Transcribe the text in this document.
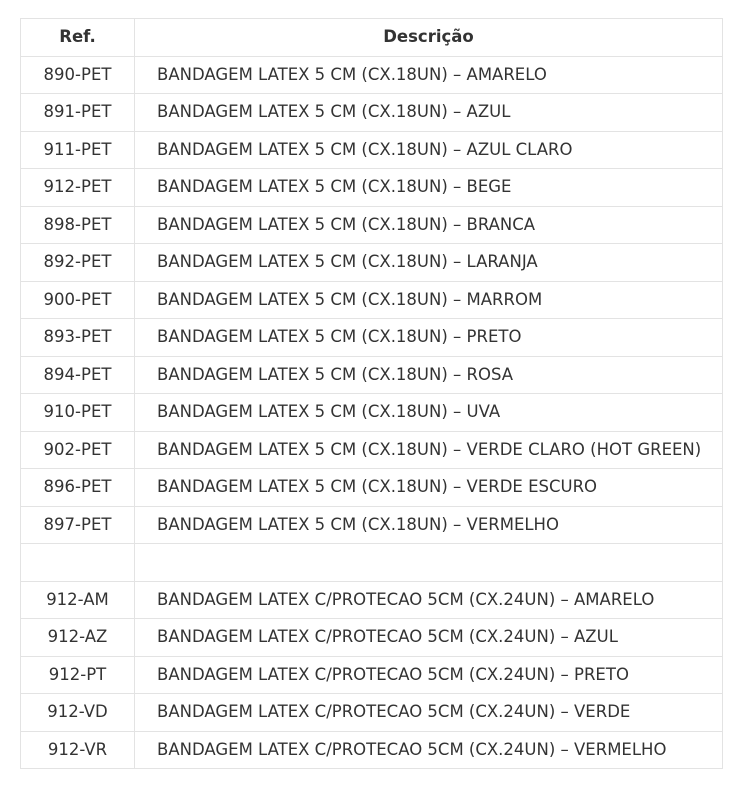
Ref.	Descrição
890-PET	BANDAGEM LATEX 5 CM (CX.18UN) – AMARELO
891-PET	BANDAGEM LATEX 5 CM (CX.18UN) – AZUL
911-PET	BANDAGEM LATEX 5 CM (CX.18UN) – AZUL CLARO
912-PET	BANDAGEM LATEX 5 CM (CX.18UN) – BEGE
898-PET	BANDAGEM LATEX 5 CM (CX.18UN) – BRANCA
892-PET	BANDAGEM LATEX 5 CM (CX.18UN) – LARANJA
900-PET	BANDAGEM LATEX 5 CM (CX.18UN) – MARROM
893-PET	BANDAGEM LATEX 5 CM (CX.18UN) – PRETO
894-PET	BANDAGEM LATEX 5 CM (CX.18UN) – ROSA
910-PET	BANDAGEM LATEX 5 CM (CX.18UN) – UVA
902-PET	BANDAGEM LATEX 5 CM (CX.18UN) – VERDE CLARO (HOT GREEN)
896-PET	BANDAGEM LATEX 5 CM (CX.18UN) – VERDE ESCURO
897-PET	BANDAGEM LATEX 5 CM (CX.18UN) – VERMELHO

912-AM	BANDAGEM LATEX C/PROTECAO 5CM (CX.24UN) – AMARELO
912-AZ	BANDAGEM LATEX C/PROTECAO 5CM (CX.24UN) – AZUL
912-PT	BANDAGEM LATEX C/PROTECAO 5CM (CX.24UN) – PRETO
912-VD	BANDAGEM LATEX C/PROTECAO 5CM (CX.24UN) – VERDE
912-VR	BANDAGEM LATEX C/PROTECAO 5CM (CX.24UN) – VERMELHO
